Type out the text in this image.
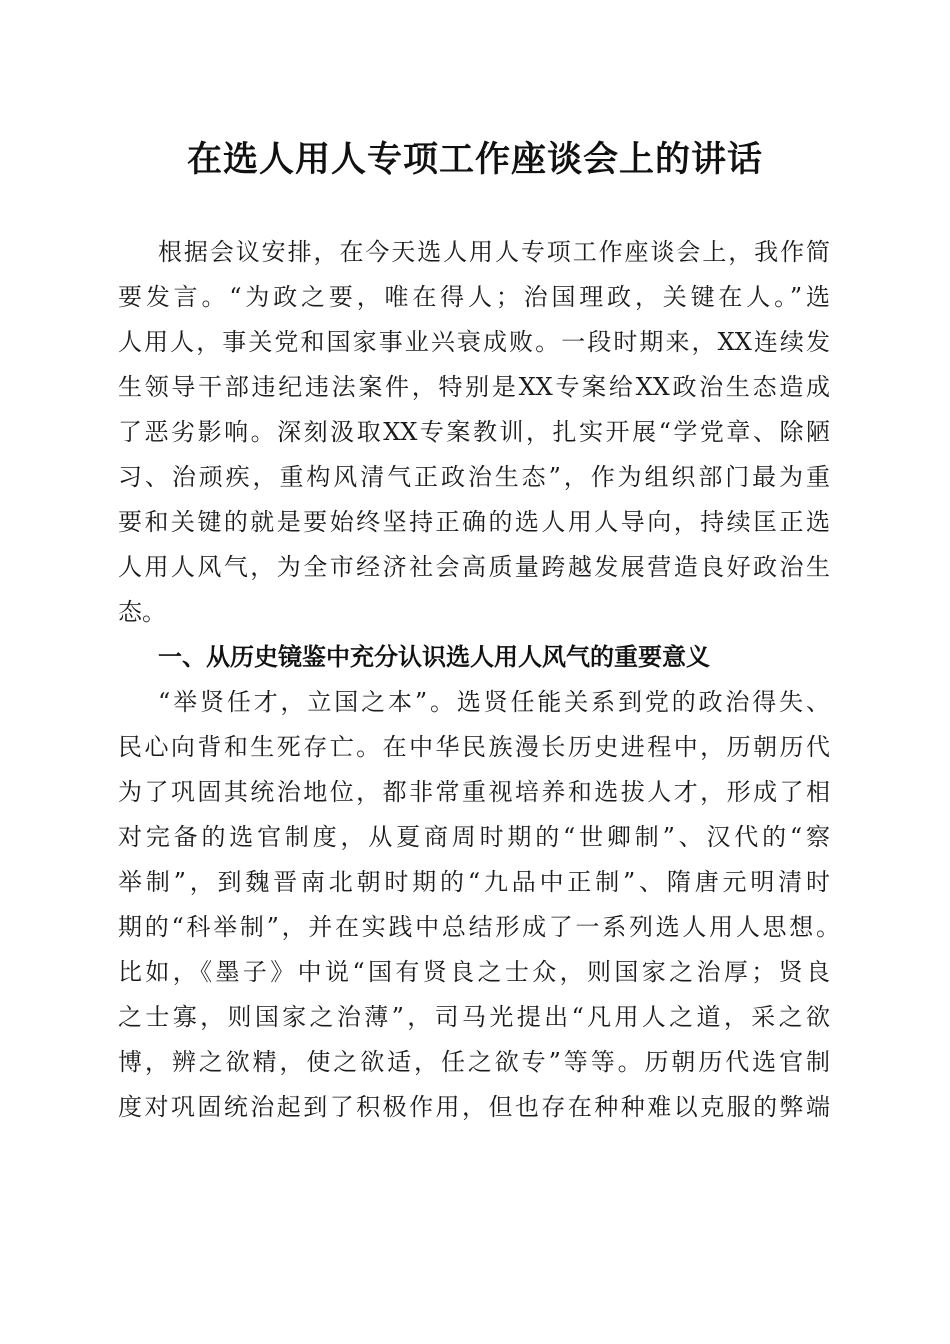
在选人用人专项工作座谈会上的讲话
根据会议安排，在今天选人用人专项工作座谈会上，我作简
要发言。“为政之要，唯在得人；治国理政，关键在人。”选
人用人，事关党和国家事业兴衰成败。一段时期来，XX连续发
生领导干部违纪违法案件，特别是XX专案给XX政治生态造成
了恶劣影响。深刻汲取XX专案教训，扎实开展“学党章、除陋
习、治顽疾，重构风清气正政治生态”，作为组织部门最为重
要和关键的就是要始终坚持正确的选人用人导向，持续匡正选
人用人风气，为全市经济社会高质量跨越发展营造良好政治生
态。
一、从历史镜鉴中充分认识选人用人风气的重要意义
“举贤任才，立国之本”。选贤任能关系到党的政治得失、
民心向背和生死存亡。在中华民族漫长历史进程中，历朝历代
为了巩固其统治地位，都非常重视培养和选拔人才，形成了相
对完备的选官制度，从夏商周时期的“世卿制”、汉代的“察
举制”，到魏晋南北朝时期的“九品中正制”、隋唐元明清时
期的“科举制”，并在实践中总结形成了一系列选人用人思想。
比如，《墨子》中说“国有贤良之士众，则国家之治厚；贤良
之士寡，则国家之治薄”，司马光提出“凡用人之道，采之欲
博，辨之欲精，使之欲适，任之欲专”等等。历朝历代选官制
度对巩固统治起到了积极作用，但也存在种种难以克服的弊端
